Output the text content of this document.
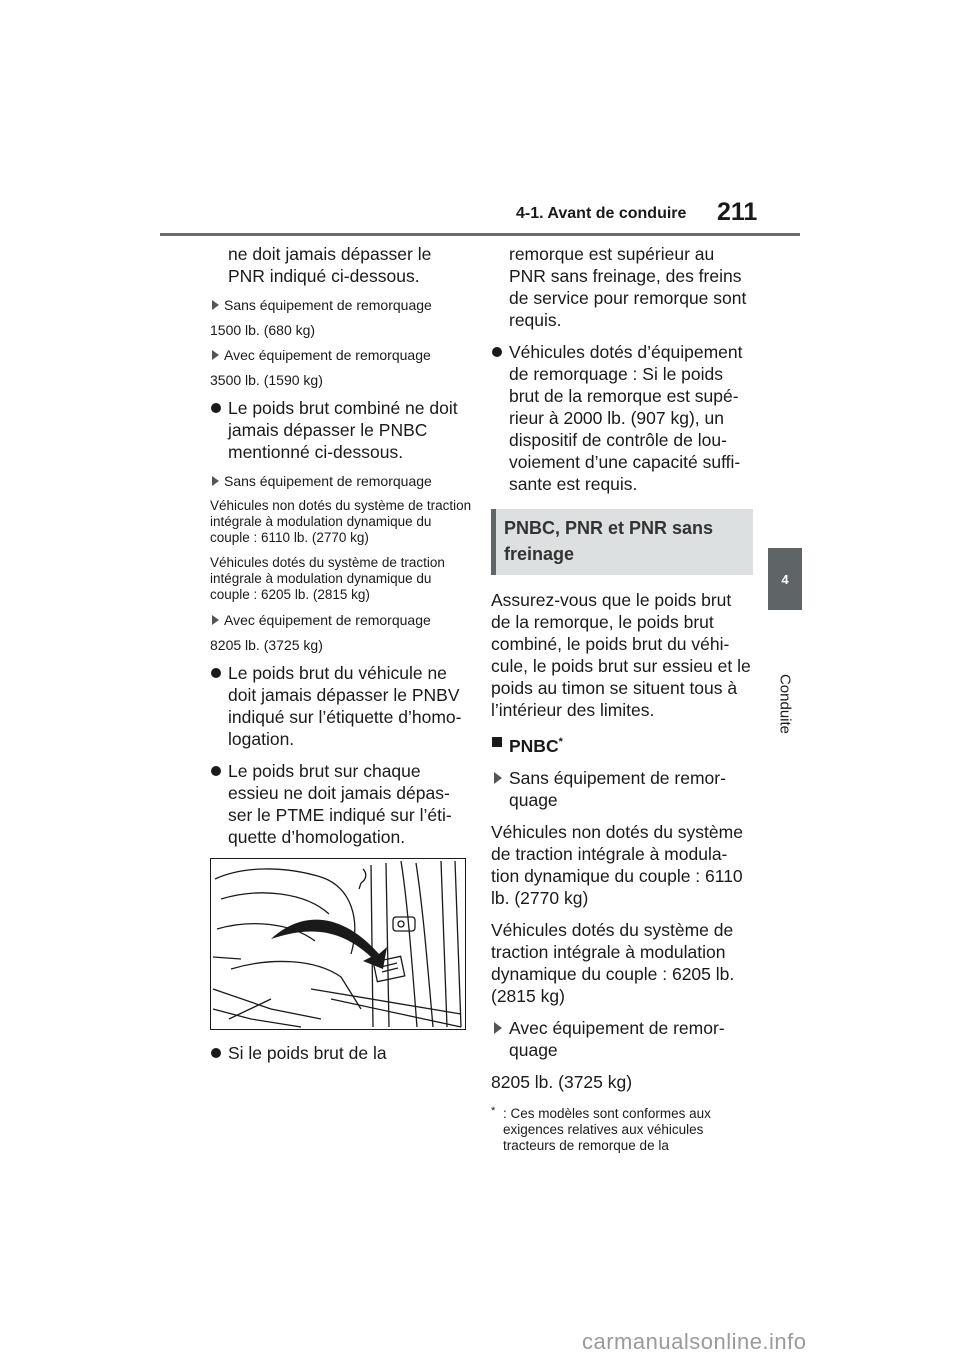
4-1. Avant de conduire 211
4
Conduite

ne doit jamais dépasser le PNR indiqué ci-dessous.

Sans équipement de remorquage

1500 lb. (680 kg)

Avec équipement de remorquage

3500 lb. (1590 kg)

Le poids brut combiné ne doit jamais dépasser le PNBC mentionné ci-dessous.

Sans équipement de remorquage

Véhicules non dotés du système de traction intégrale à modulation dynamique du couple : 6110 lb. (2770 kg)

Véhicules dotés du système de traction intégrale à modulation dynamique du couple : 6205 lb. (2815 kg)

Avec équipement de remorquage

8205 lb. (3725 kg)

Le poids brut du véhicule ne doit jamais dépasser le PNBV indiqué sur l’étiquette d’homo-logation.

Le poids brut sur chaque essieu ne doit jamais dépas-ser le PTME indiqué sur l’éti-quette d’homologation.

Si le poids brut de la

remorque est supérieur au PNR sans freinage, des freins de service pour remorque sont requis.

Véhicules dotés d’équipement de remorquage : Si le poids brut de la remorque est supé-rieur à 2000 lb. (907 kg), un dispositif de contrôle de lou-voiement d’une capacité suffi-sante est requis.

PNBC, PNR et PNR sans freinage

Assurez-vous que le poids brut de la remorque, le poids brut combiné, le poids brut du véhi-cule, le poids brut sur essieu et le poids au timon se situent tous à l’intérieur des limites.

PNBC*

Sans équipement de remor-quage

Véhicules non dotés du système de traction intégrale à modula-tion dynamique du couple : 6110 lb. (2770 kg)

Véhicules dotés du système de traction intégrale à modulation dynamique du couple : 6205 lb. (2815 kg)

Avec équipement de remor-quage

8205 lb. (3725 kg)

* : Ces modèles sont conformes aux exigences relatives aux véhicules tracteurs de remorque de la

carmanualsonline.info
